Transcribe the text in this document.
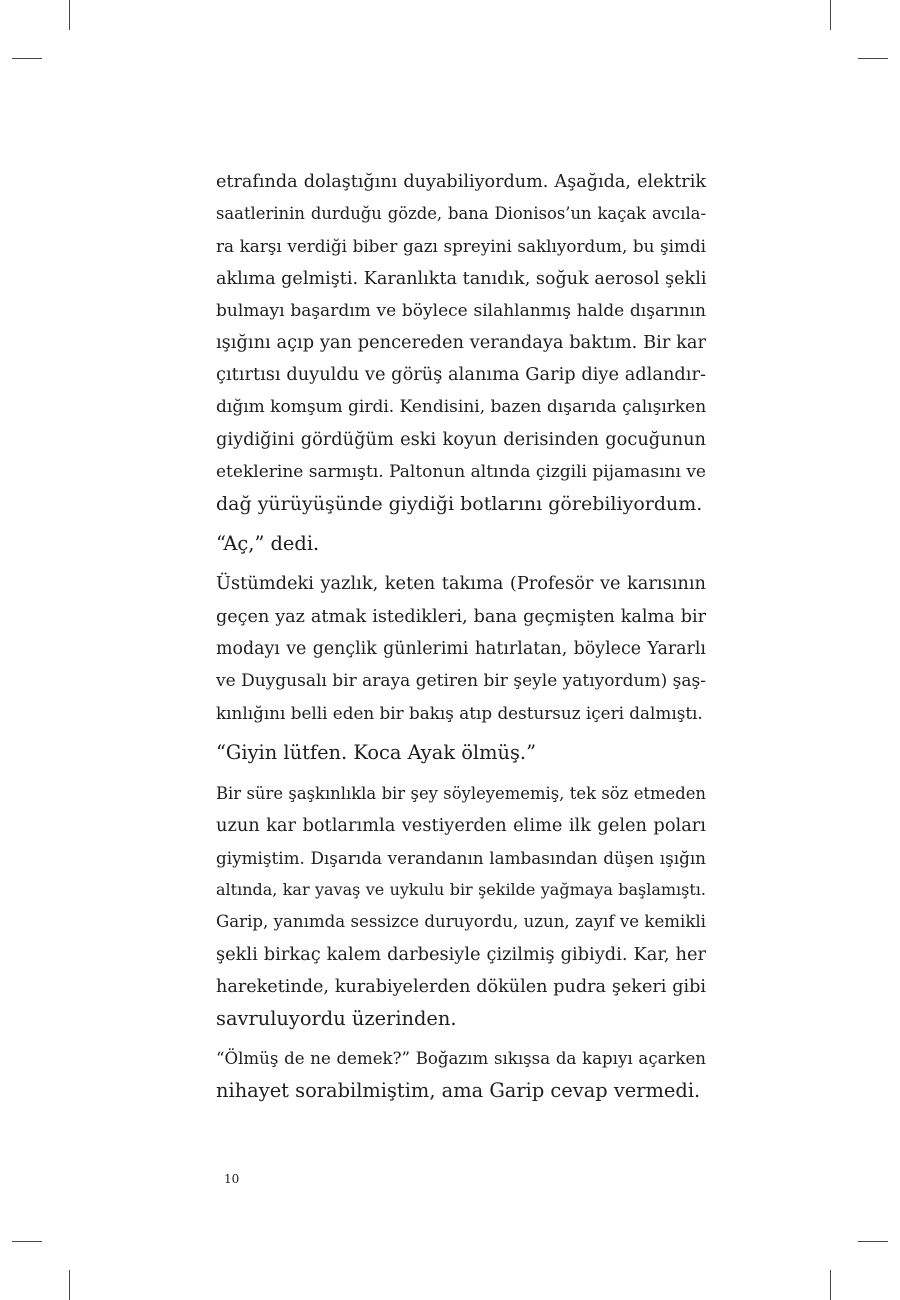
etrafında dolaştığını duyabiliyordum. Aşağıda, elektrik
saatlerinin durduğu gözde, bana Dionisos’un kaçak avcıla-
ra karşı verdiği biber gazı spreyini saklıyordum, bu şimdi
aklıma gelmişti. Karanlıkta tanıdık, soğuk aerosol şekli
bulmayı başardım ve böylece silahlanmış halde dışarının
ışığını açıp yan pencereden verandaya baktım. Bir kar
çıtırtısı duyuldu ve görüş alanıma Garip diye adlandır-
dığım komşum girdi. Kendisini, bazen dışarıda çalışırken
giydiğini gördüğüm eski koyun derisinden gocuğunun
eteklerine sarmıştı. Paltonun altında çizgili pijamasını ve
dağ yürüyüşünde giydiği botlarını görebiliyordum.

“Aç,” dedi.

Üstümdeki yazlık, keten takıma (Profesör ve karısının
geçen yaz atmak istedikleri, bana geçmişten kalma bir
modayı ve gençlik günlerimi hatırlatan, böylece Yararlı
ve Duygusalı bir araya getiren bir şeyle yatıyordum) şaş-
kınlığını belli eden bir bakış atıp destursuz içeri dalmıştı.

“Giyin lütfen. Koca Ayak ölmüş.”

Bir süre şaşkınlıkla bir şey söyleyememiş, tek söz etmeden
uzun kar botlarımla vestiyerden elime ilk gelen poları
giymiştim. Dışarıda verandanın lambasından düşen ışığın
altında, kar yavaş ve uykulu bir şekilde yağmaya başlamıştı.
Garip, yanımda sessizce duruyordu, uzun, zayıf ve kemikli
şekli birkaç kalem darbesiyle çizilmiş gibiydi. Kar, her
hareketinde, kurabiyelerden dökülen pudra şekeri gibi
savruluyordu üzerinden.

“Ölmüş de ne demek?” Boğazım sıkışsa da kapıyı açarken
nihayet sorabilmiştim, ama Garip cevap vermedi.

10
